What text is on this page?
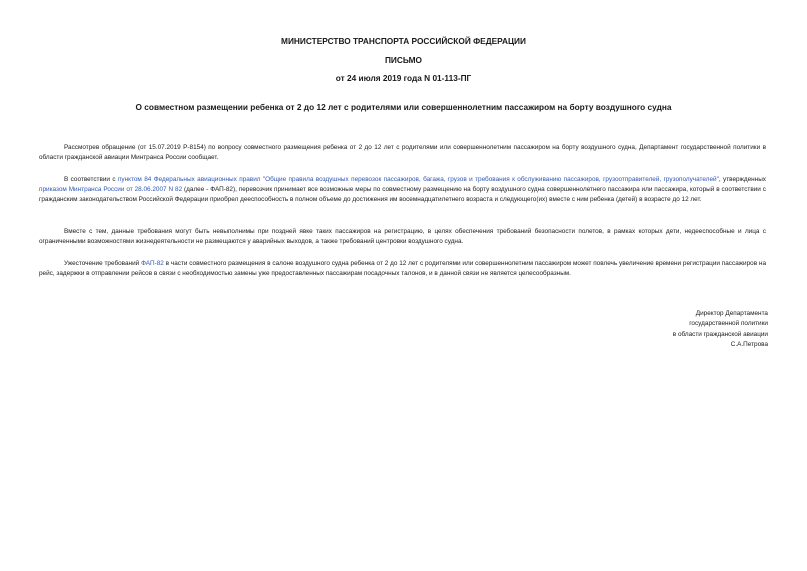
МИНИСТЕРСТВО ТРАНСПОРТА РОССИЙСКОЙ ФЕДЕРАЦИИ
ПИСЬМО
от 24 июля 2019 года N 01-113-ПГ
О совместном размещении ребенка от 2 до 12 лет с родителями или совершеннолетним пассажиром на борту воздушного судна

Рассмотрев обращение (от 15.07.2019 Р-8154) по вопросу совместного размещения ребенка от 2 до 12 лет с родителями или совершеннолетним пассажиром на борту воздушного судна, Департамент государственной политики в области гражданской авиации Минтранса России сообщает.

В соответствии с пунктом 84 Федеральных авиационных правил "Общие правила воздушных перевозок пассажиров, багажа, грузов и требования к обслуживанию пассажиров, грузоотправителей, грузополучателей", утвержденных приказом Минтранса России от 28.06.2007 N 82 (далее - ФАП-82), перевозчик принимает все возможные меры по совместному размещению на борту воздушного судна совершеннолетнего пассажира или пассажира, который в соответствии с гражданским законодательством Российской Федерации приобрел дееспособность в полном объеме до достижения им восемнадцатилетнего возраста и следующего(их) вместе с ним ребенка (детей) в возрасте до 12 лет.

Вместе с тем, данные требования могут быть невыполнимы при поздней явке таких пассажиров на регистрацию, в целях обеспечения требований безопасности полетов, в рамках которых дети, недееспособные и лица с ограниченными возможностями жизнедеятельности не размещаются у аварийных выходов, а также требований центровки воздушного судна.

Ужесточение требований ФАП-82 в части совместного размещения в салоне воздушного судна ребенка от 2 до 12 лет с родителями или совершеннолетним пассажиром может повлечь увеличение времени регистрации пассажиров на рейс, задержки в отправлении рейсов в связи с необходимостью замены уже предоставленных пассажирам посадочных талонов, и в данной связи не является целесообразным.

Директор Департамента
государственной политики
в области гражданской авиации
С.А.Петрова
